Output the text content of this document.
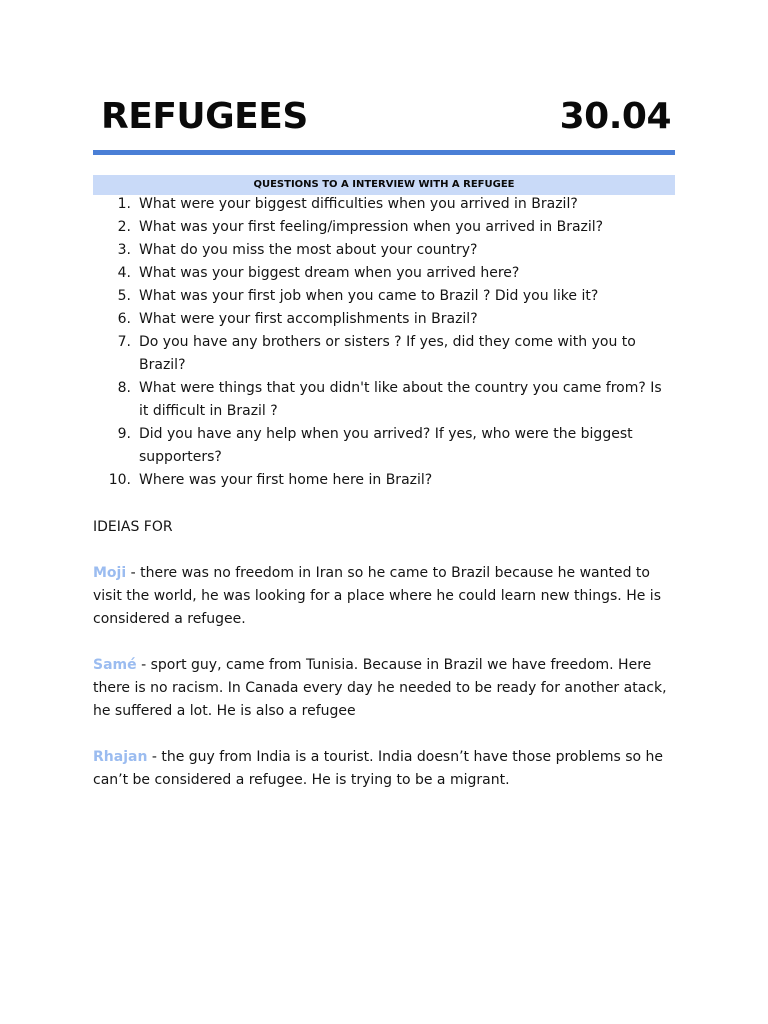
REFUGEES	30.04
QUESTIONS TO A INTERVIEW WITH A REFUGEE
1. What were your biggest difficulties when you arrived in Brazil?
2. What was your first feeling/impression when you arrived in Brazil?
3. What do you miss the most about your country?
4. What was your biggest dream when you arrived here?
5. What was your first job when you came to Brazil ? Did you like it?
6. What were your first accomplishments in Brazil?
7. Do you have any brothers or sisters ? If yes, did they come with you to Brazil?
8. What were things that you didn't like about the country you came from? Is it difficult in Brazil ?
9. Did you have any help when you arrived? If yes, who were the biggest supporters?
10. Where was your first home here in Brazil?

IDEIAS FOR

Moji - there was no freedom in Iran so he came to Brazil because he wanted to visit the world, he was looking for a place where he could learn new things. He is considered a refugee.

Samé - sport guy, came from Tunisia. Because in Brazil we have freedom. Here there is no racism. In Canada every day he needed to be ready for another atack, he suffered a lot. He is also a refugee

Rhajan - the guy from India is a tourist. India doesn’t have those problems so he can’t be considered a refugee. He is trying to be a migrant.
